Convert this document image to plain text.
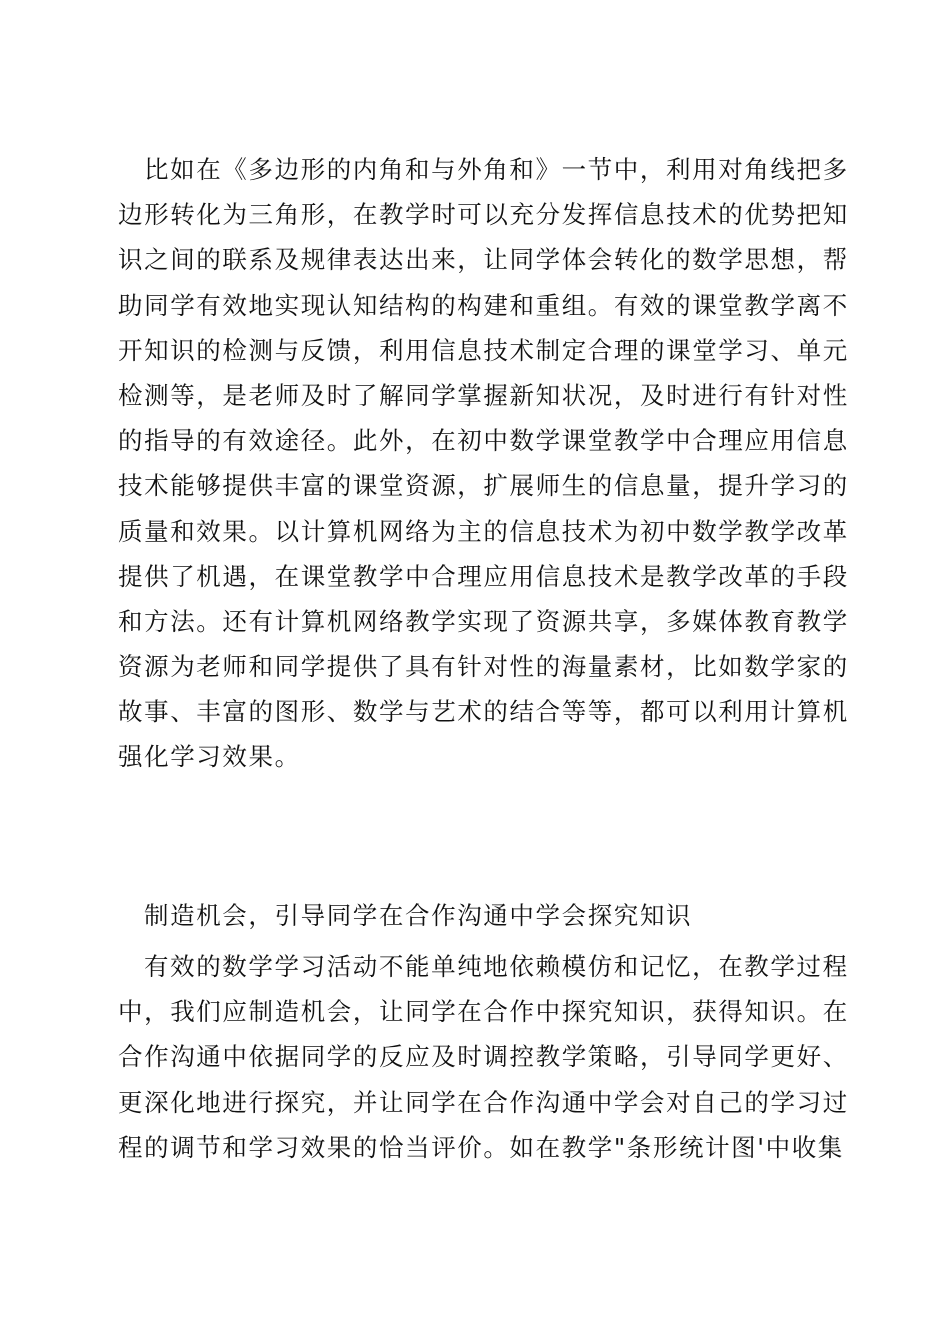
比如在《多边形的内角和与外角和》一节中，利用对角线把多
边形转化为三角形，在教学时可以充分发挥信息技术的优势把知
识之间的联系及规律表达出来，让同学体会转化的数学思想，帮
助同学有效地实现认知结构的构建和重组。有效的课堂教学离不
开知识的检测与反馈，利用信息技术制定合理的课堂学习、单元
检测等，是老师及时了解同学掌握新知状况，及时进行有针对性
的指导的有效途径。此外，在初中数学课堂教学中合理应用信息
技术能够提供丰富的课堂资源，扩展师生的信息量，提升学习的
质量和效果。以计算机网络为主的信息技术为初中数学教学改革
提供了机遇，在课堂教学中合理应用信息技术是教学改革的手段
和方法。还有计算机网络教学实现了资源共享，多媒体教育教学
资源为老师和同学提供了具有针对性的海量素材，比如数学家的
故事、丰富的图形、数学与艺术的结合等等，都可以利用计算机
强化学习效果。
制造机会，引导同学在合作沟通中学会探究知识
有效的数学学习活动不能单纯地依赖模仿和记忆，在教学过程
中，我们应制造机会，让同学在合作中探究知识，获得知识。在
合作沟通中依据同学的反应及时调控教学策略，引导同学更好、
更深化地进行探究，并让同学在合作沟通中学会对自己的学习过
程的调节和学习效果的恰当评价。如在教学"条形统计图'中收集
